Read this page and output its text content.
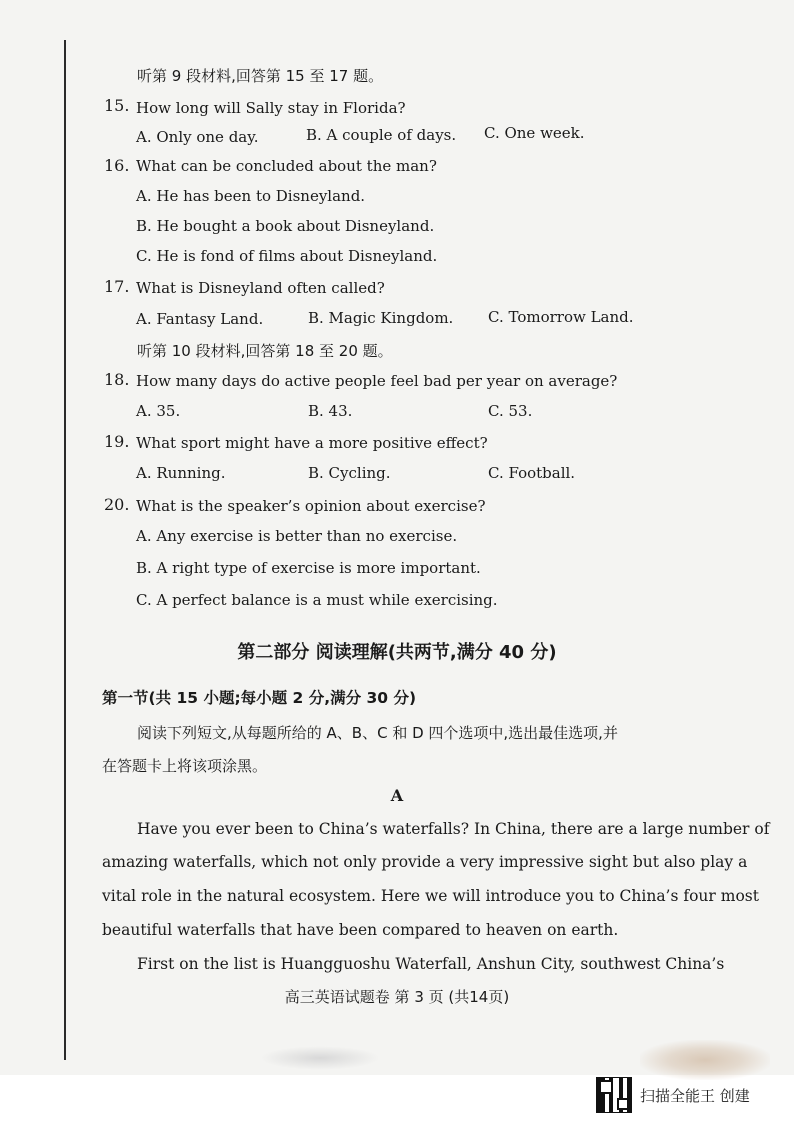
听第 9 段材料,回答第 15 至 17 题。
15. How long will Sally stay in Florida?
A. Only one day.	B. A couple of days. C. One week.
16. What can be concluded about the man?
A. He has been to Disneyland.
B. He bought a book about Disneyland.
C. He is fond of films about Disneyland.
17. What is Disneyland often called?
A. Fantasy Land.	B. Magic Kingdom. C. Tomorrow Land.
听第 10 段材料,回答第 18 至 20 题。
18. How many days do active people feel bad per year on average?
A. 35.	B. 43.	C. 53.
19. What sport might have a more positive effect?
A. Running.	B. Cycling.	C. Football.
20. What is the speaker’s opinion about exercise?
A. Any exercise is better than no exercise.
B. A right type of exercise is more important.
C. A perfect balance is a must while exercising.
第二部分 阅读理解(共两节,满分 40 分)
第一节(共 15 小题;每小题 2 分,满分 30 分)
阅读下列短文,从每题所给的 A、B、C 和 D 四个选项中,选出最佳选项,并
在答题卡上将该项涂黑。
A
Have you ever been to China’s waterfalls? In China, there are a large number of
amazing waterfalls, which not only provide a very impressive sight but also play a
vital role in the natural ecosystem. Here we will introduce you to China’s four most
beautiful waterfalls that have been compared to heaven on earth.
First on the list is Huangguoshu Waterfall, Anshun City, southwest China’s
高三英语试题卷 第 3 页 (共14页)
扫描全能王 创建
